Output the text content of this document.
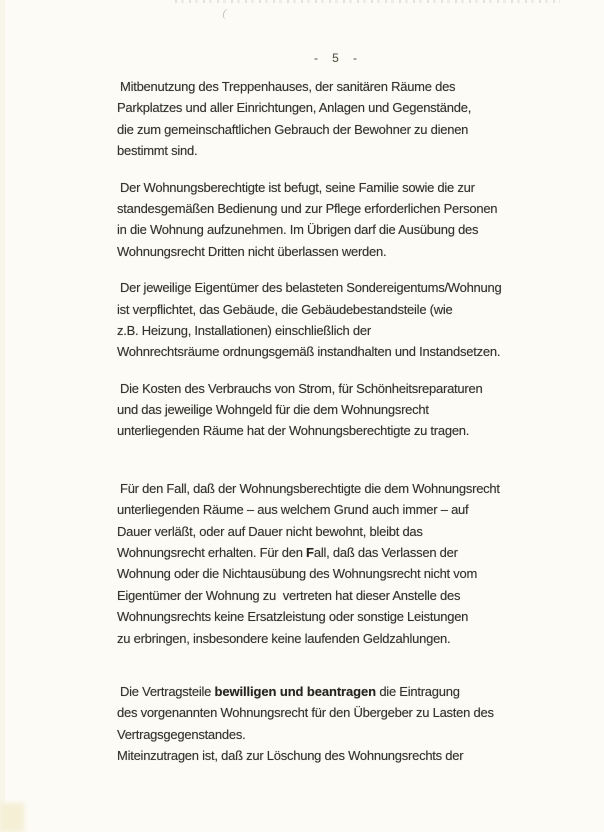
-  5  -
Mitbenutzung des Treppenhauses, der sanitären Räume des
Parkplatzes und aller Einrichtungen, Anlagen und Gegenstände,
die zum gemeinschaftlichen Gebrauch der Bewohner zu dienen
bestimmt sind.
Der Wohnungsberechtigte ist befugt, seine Familie sowie die zur
standesgemäßen Bedienung und zur Pflege erforderlichen Personen
in die Wohnung aufzunehmen. Im Übrigen darf die Ausübung des
Wohnungsrecht Dritten nicht überlassen werden.
Der jeweilige Eigentümer des belasteten Sondereigentums/Wohnung
ist verpflichtet, das Gebäude, die Gebäudebestandsteile (wie
z.B. Heizung, Installationen) einschließlich der
Wohnrechtsräume ordnungsgemäß instandhalten und Instandsetzen.
Die Kosten des Verbrauchs von Strom, für Schönheitsreparaturen
und das jeweilige Wohngeld für die dem Wohnungsrecht
unterliegenden Räume hat der Wohnungsberechtigte zu tragen.
Für den Fall, daß der Wohnungsberechtigte die dem Wohnungsrecht
unterliegenden Räume – aus welchem Grund auch immer – auf
Dauer verläßt, oder auf Dauer nicht bewohnt, bleibt das
Wohnungsrecht erhalten. Für den Fall, daß das Verlassen der
Wohnung oder die Nichtausübung des Wohnungsrecht nicht vom
Eigentümer der Wohnung zu  vertreten hat dieser Anstelle des
Wohnungsrechts keine Ersatzleistung oder sonstige Leistungen
zu erbringen, insbesondere keine laufenden Geldzahlungen.
Die Vertragsteile bewilligen und beantragen die Eintragung
des vorgenannten Wohnungsrecht für den Übergeber zu Lasten des
Vertragsgegenstandes.
Miteinzutragen ist, daß zur Löschung des Wohnungsrechts der
